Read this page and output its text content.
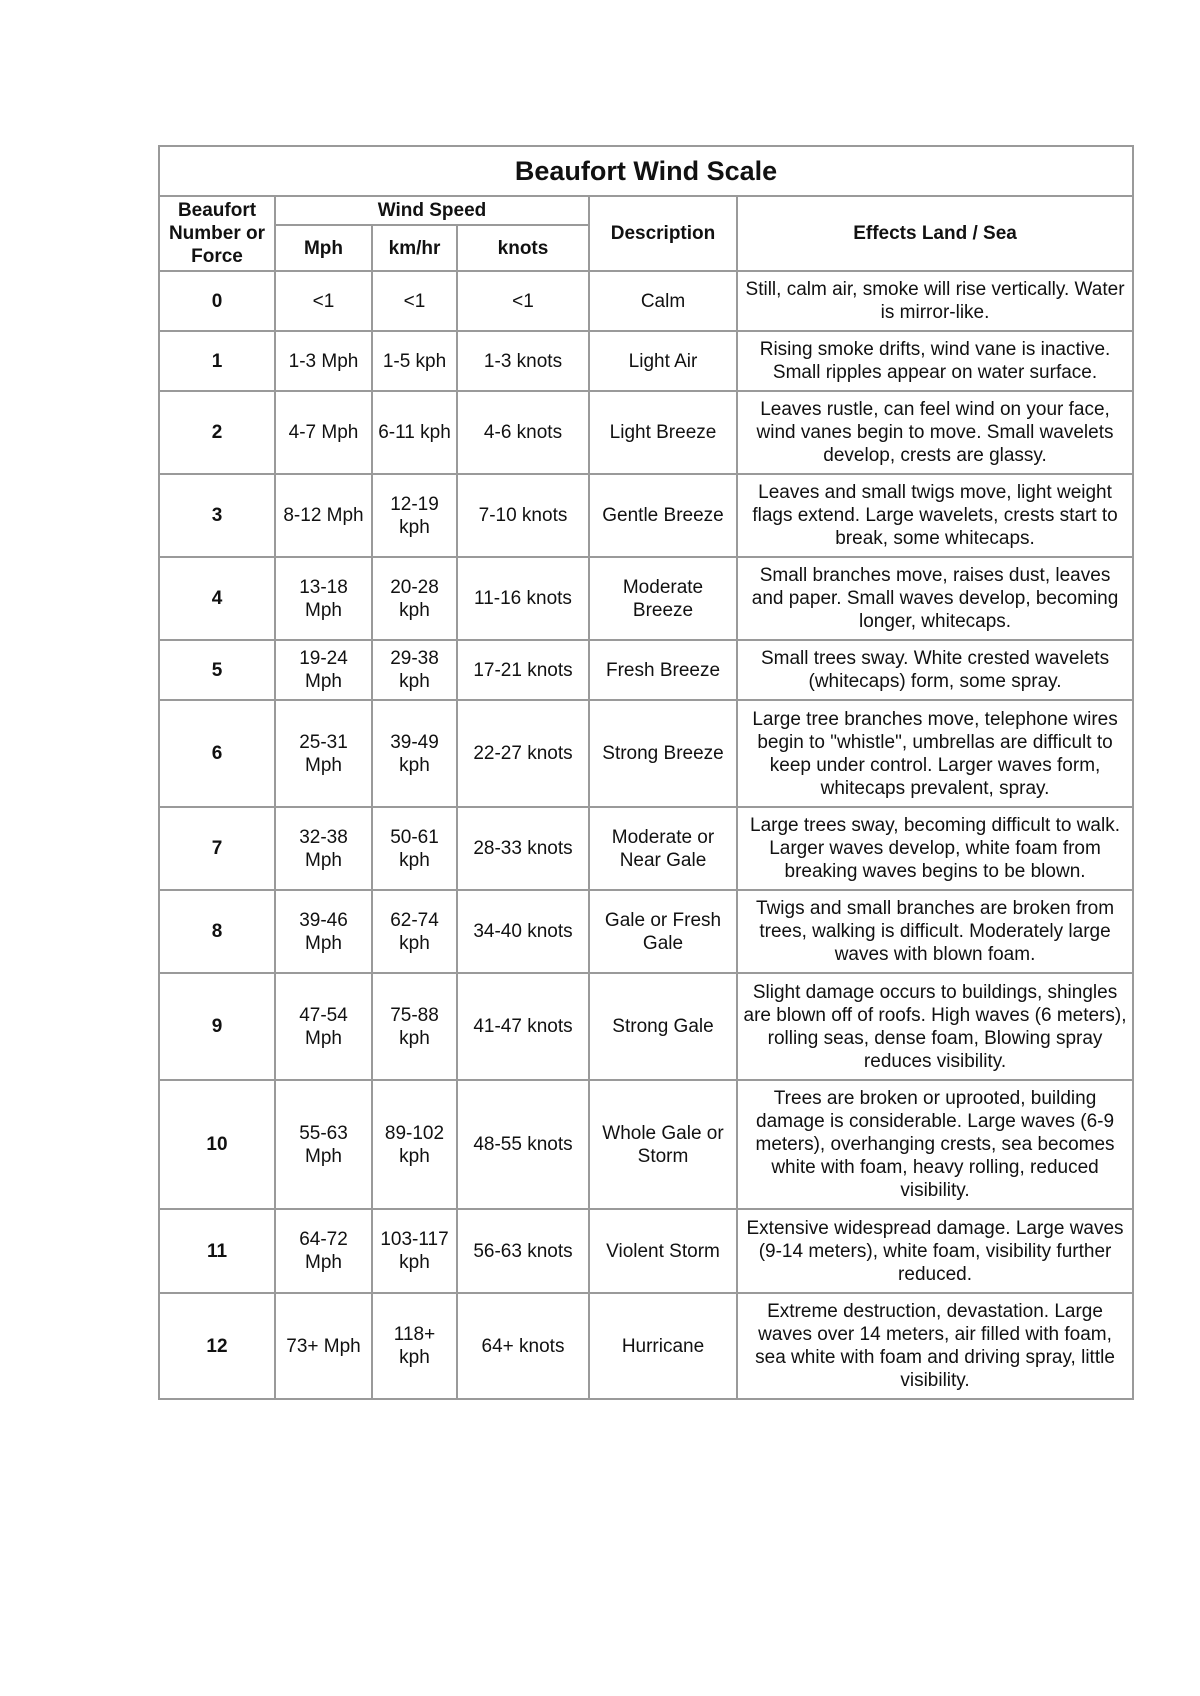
Beaufort Wind Scale					
Beaufort Number or Force	Wind Speed			Description	Effects Land / Sea
	Mph	km/hr	knots		
0	<1	<1	<1	Calm	Still, calm air, smoke will rise vertically. Water is mirror-like.
1	1-3 Mph	1-5 kph	1-3 knots	Light Air	Rising smoke drifts, wind vane is inactive. Small ripples appear on water surface.
2	4-7 Mph	6-11 kph	4-6 knots	Light Breeze	Leaves rustle, can feel wind on your face, wind vanes begin to move. Small wavelets develop, crests are glassy.
3	8-12 Mph	12-19 kph	7-10 knots	Gentle Breeze	Leaves and small twigs move, light weight flags extend. Large wavelets, crests start to break, some whitecaps.
4	13-18 Mph	20-28 kph	11-16 knots	Moderate Breeze	Small branches move, raises dust, leaves and paper. Small waves develop, becoming longer, whitecaps.
5	19-24 Mph	29-38 kph	17-21 knots	Fresh Breeze	Small trees sway. White crested wavelets (whitecaps) form, some spray.
6	25-31 Mph	39-49 kph	22-27 knots	Strong Breeze	Large tree branches move, telephone wires begin to "whistle", umbrellas are difficult to keep under control. Larger waves form, whitecaps prevalent, spray.
7	32-38 Mph	50-61 kph	28-33 knots	Moderate or Near Gale	Large trees sway, becoming difficult to walk. Larger waves develop, white foam from breaking waves begins to be blown.
8	39-46 Mph	62-74 kph	34-40 knots	Gale or Fresh Gale	Twigs and small branches are broken from trees, walking is difficult. Moderately large waves with blown foam.
9	47-54 Mph	75-88 kph	41-47 knots	Strong Gale	Slight damage occurs to buildings, shingles are blown off of roofs. High waves (6 meters), rolling seas, dense foam, Blowing spray reduces visibility.
10	55-63 Mph	89-102 kph	48-55 knots	Whole Gale or Storm	Trees are broken or uprooted, building damage is considerable. Large waves (6-9 meters), overhanging crests, sea becomes white with foam, heavy rolling, reduced visibility.
11	64-72 Mph	103-117 kph	56-63 knots	Violent Storm	Extensive widespread damage. Large waves (9-14 meters), white foam, visibility further reduced.
12	73+ Mph	118+ kph	64+ knots	Hurricane	Extreme destruction, devastation. Large waves over 14 meters, air filled with foam, sea white with foam and driving spray, little visibility.
